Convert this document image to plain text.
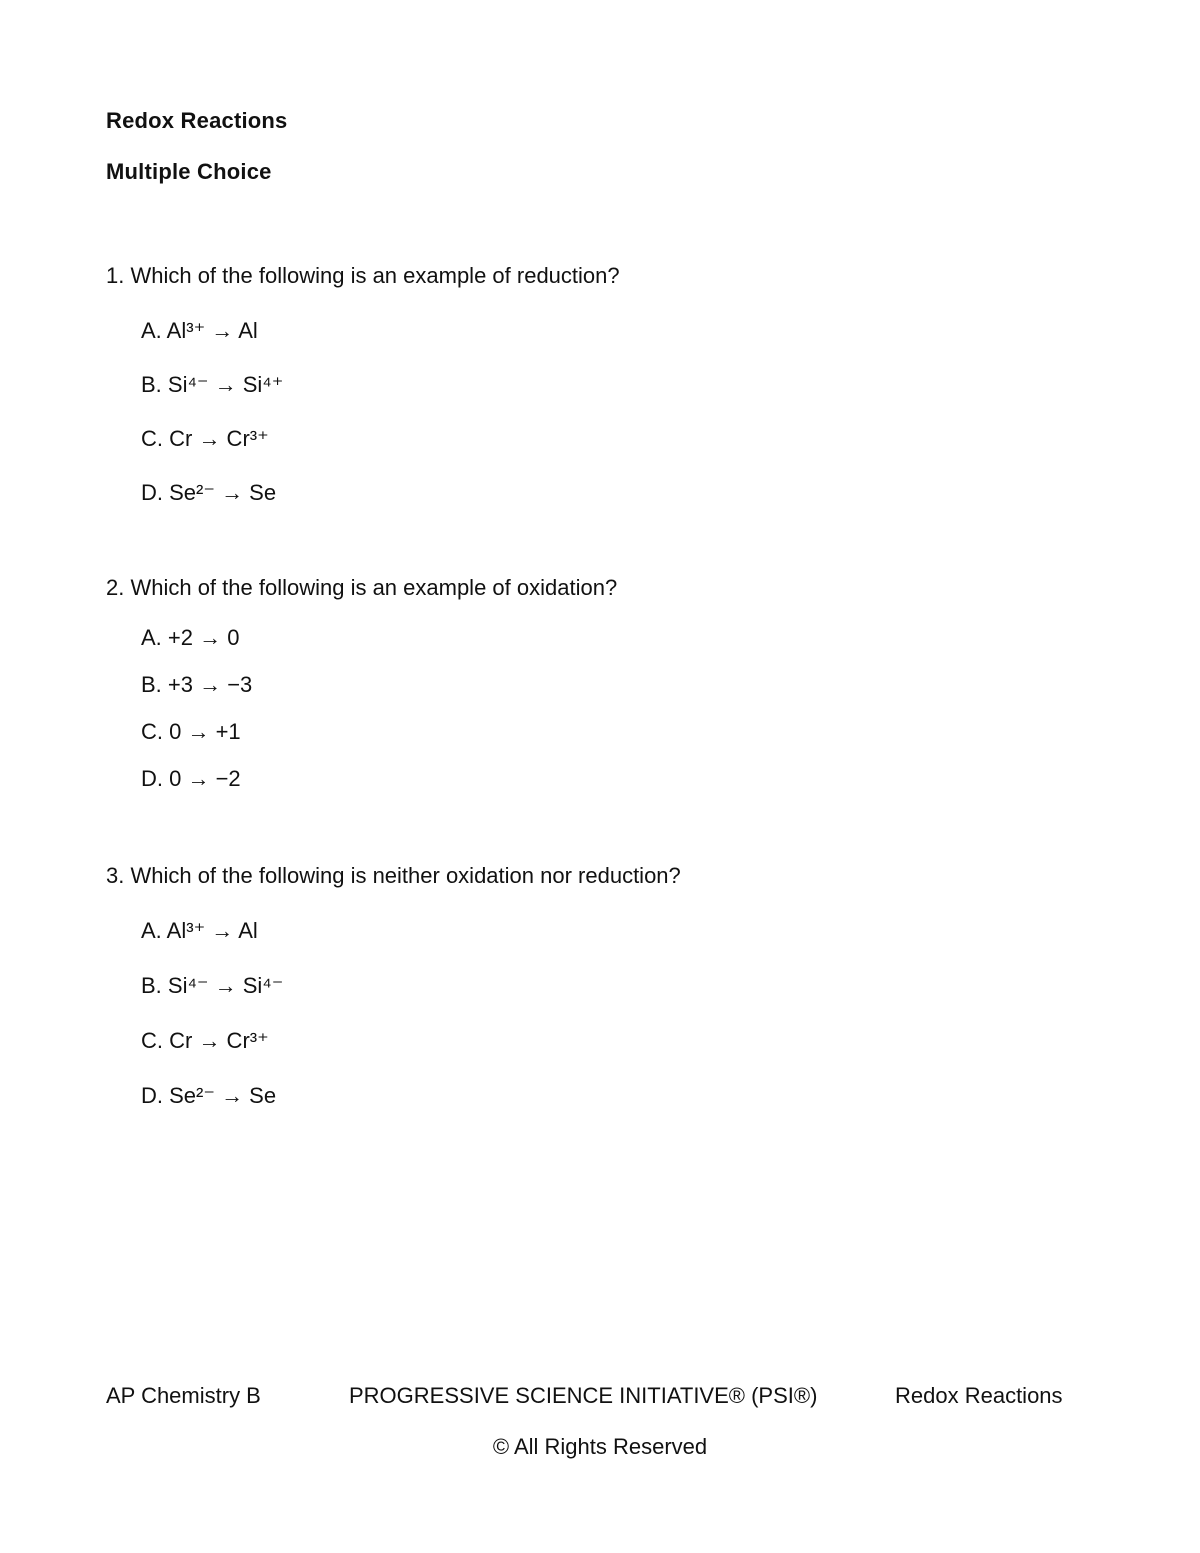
Redox Reactions
Multiple Choice
1. Which of the following is an example of reduction?
A. Al³⁺ → Al
B. Si⁴⁻ → Si⁴⁺
C. Cr → Cr³⁺
D. Se²⁻ → Se
2. Which of the following is an example of oxidation?
A. +2 → 0
B. +3 → −3
C. 0 → +1
D. 0 → −2
3. Which of the following is neither oxidation nor reduction?
A. Al³⁺ → Al
B. Si⁴⁻ → Si⁴⁻
C. Cr → Cr³⁺
D. Se²⁻ → Se
AP Chemistry B	PROGRESSIVE SCIENCE INITIATIVE® (PSI®)	Redox Reactions
© All Rights Reserved
